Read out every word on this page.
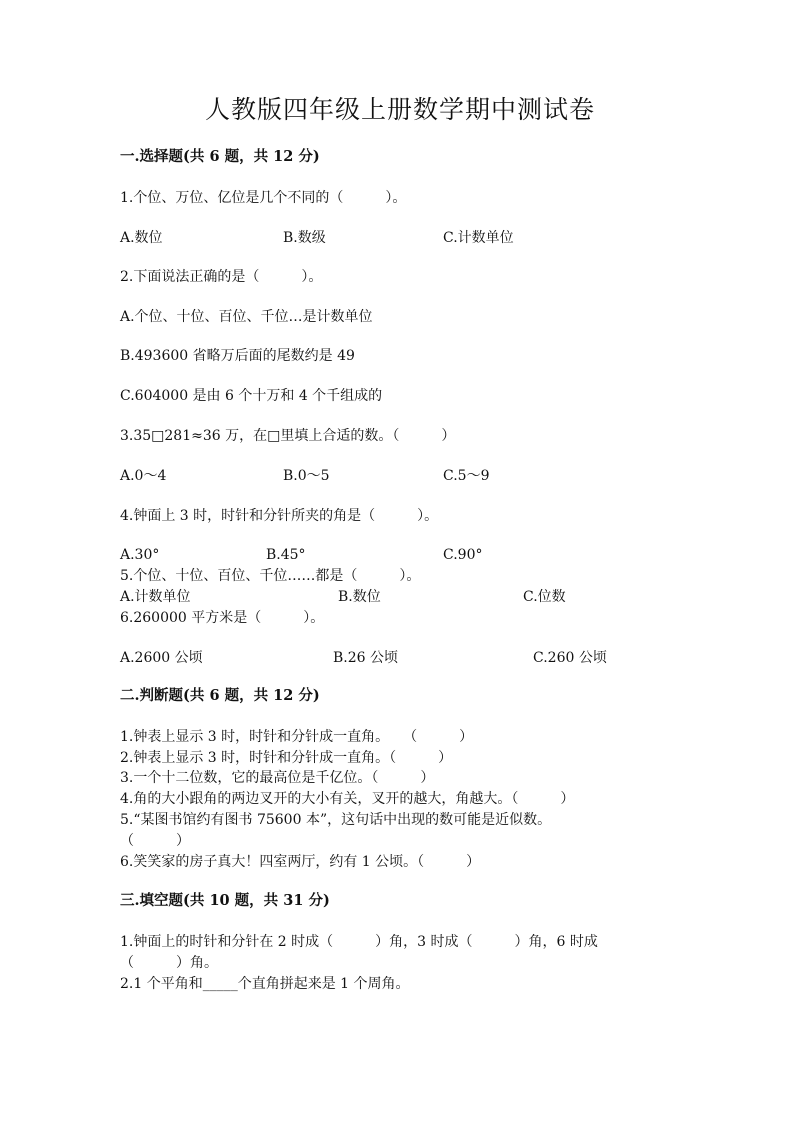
人教版四年级上册数学期中测试卷
一.选择题(共 6 题，共 12 分)
1.个位、万位、亿位是几个不同的（　　　）。
A.数位	B.数级	C.计数单位
2.下面说法正确的是（　　　）。
A.个位、十位、百位、千位…是计数单位
B.493600 省略万后面的尾数约是 49
C.604000 是由 6 个十万和 4 个千组成的
3.35□281≈36 万，在□里填上合适的数。（　　　）
A.0～4	B.0～5	C.5～9
4.钟面上 3 时，时针和分针所夹的角是（　　　）。
A.30°	B.45°	C.90°
5.个位、十位、百位、千位……都是（　　　）。
A.计数单位	B.数位	C.位数
6.260000 平方米是（　　　）。
A.2600 公顷	B.26 公顷	C.260 公顷
二.判断题(共 6 题，共 12 分)
1.钟表上显示 3 时，时针和分针成一直角。　　（　　　）
2.钟表上显示 3 时，时针和分针成一直角。（　　　）
3.一个十二位数，它的最高位是千亿位。（　　　）
4.角的大小跟角的两边叉开的大小有关，叉开的越大，角越大。（　　　）
5.“某图书馆约有图书 75600 本”，这句话中出现的数可能是近似数。
（　　　）
6.笑笑家的房子真大！四室两厅，约有 1 公顷。（　　　）
三.填空题(共 10 题，共 31 分)
1.钟面上的时针和分针在 2 时成（　　　）角，3 时成（　　　）角，6 时成
（　　　）角。
2.1 个平角和_____个直角拼起来是 1 个周角。
